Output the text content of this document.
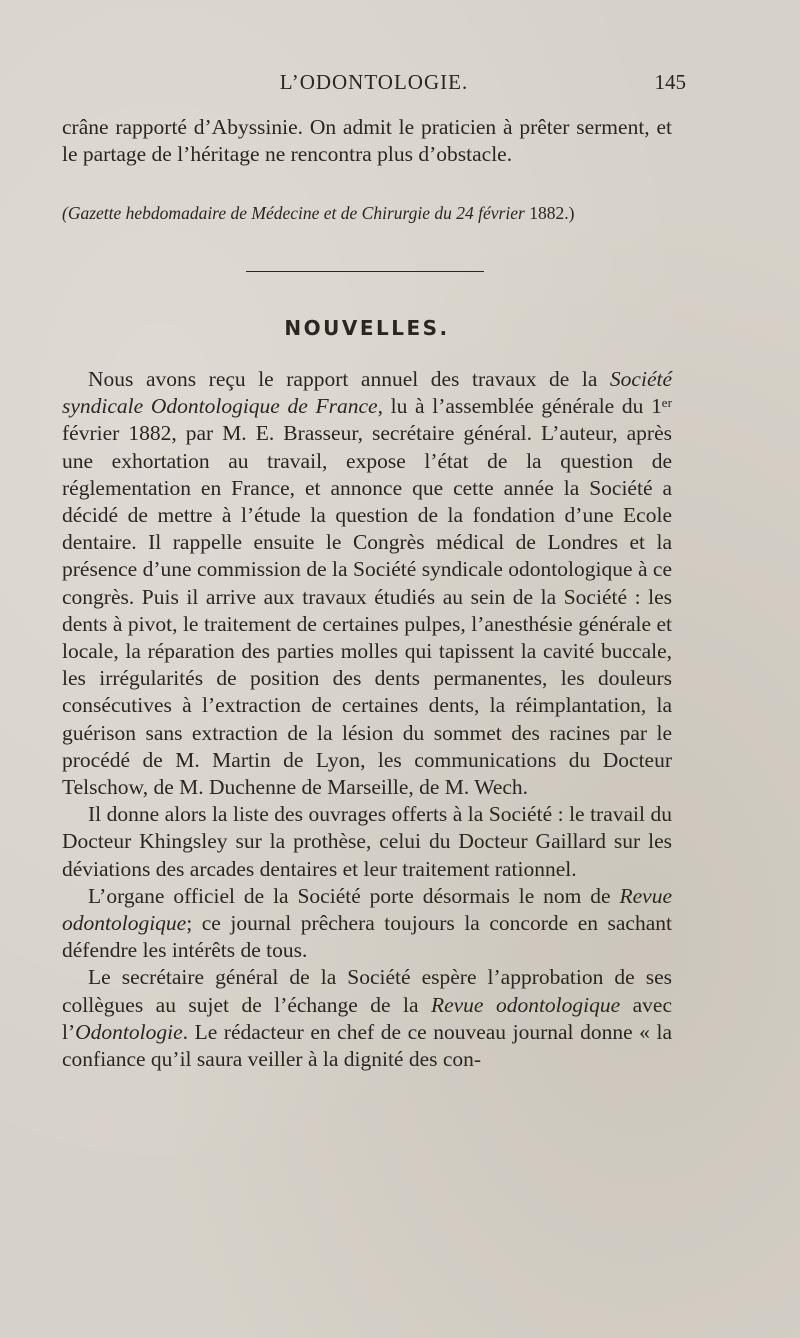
L’ODONTOLOGIE.	145
crâne rapporté d’Abyssinie. On admit le praticien à prêter serment, et le partage de l’héritage ne rencontra plus d’obstacle.
(Gazette hebdomadaire de Médecine et de Chirurgie du 24 février 1882.)
NOUVELLES.

Nous avons reçu le rapport annuel des travaux de la Société syndicale Odontologique de France, lu à l’assemblée générale du 1ᵉʳ février 1882, par M. E. Brasseur, secrétaire général. L’auteur, après une exhortation au travail, expose l’état de la question de réglementation en France, et annonce que cette année la Société a décidé de mettre à l’étude la question de la fondation d’une Ecole dentaire. Il rappelle ensuite le Congrès médical de Londres et la présence d’une commission de la Société syndicale odontologique à ce congrès. Puis il arrive aux travaux étudiés au sein de la Société : les dents à pivot, le traitement de certaines pulpes, l’anesthésie générale et locale, la réparation des parties molles qui tapissent la cavité buccale, les irrégularités de position des dents permanentes, les douleurs consécutives à l’extraction de certaines dents, la réimplantation, la guérison sans extraction de la lésion du sommet des racines par le procédé de M. Martin de Lyon, les communications du Docteur Telschow, de M. Duchenne de Marseille, de M. Wech.

Il donne alors la liste des ouvrages offerts à la Société : le travail du Docteur Khingsley sur la prothèse, celui du Docteur Gaillard sur les déviations des arcades dentaires et leur traitement rationnel.

L’organe officiel de la Société porte désormais le nom de Revue odontologique; ce journal prêchera toujours la concorde en sachant défendre les intérêts de tous.

Le secrétaire général de la Société espère l’approbation de ses collègues au sujet de l’échange de la Revue odontologique avec l’Odontologie. Le rédacteur en chef de ce nouveau journal donne « la confiance qu’il saura veiller à la dignité des con-
